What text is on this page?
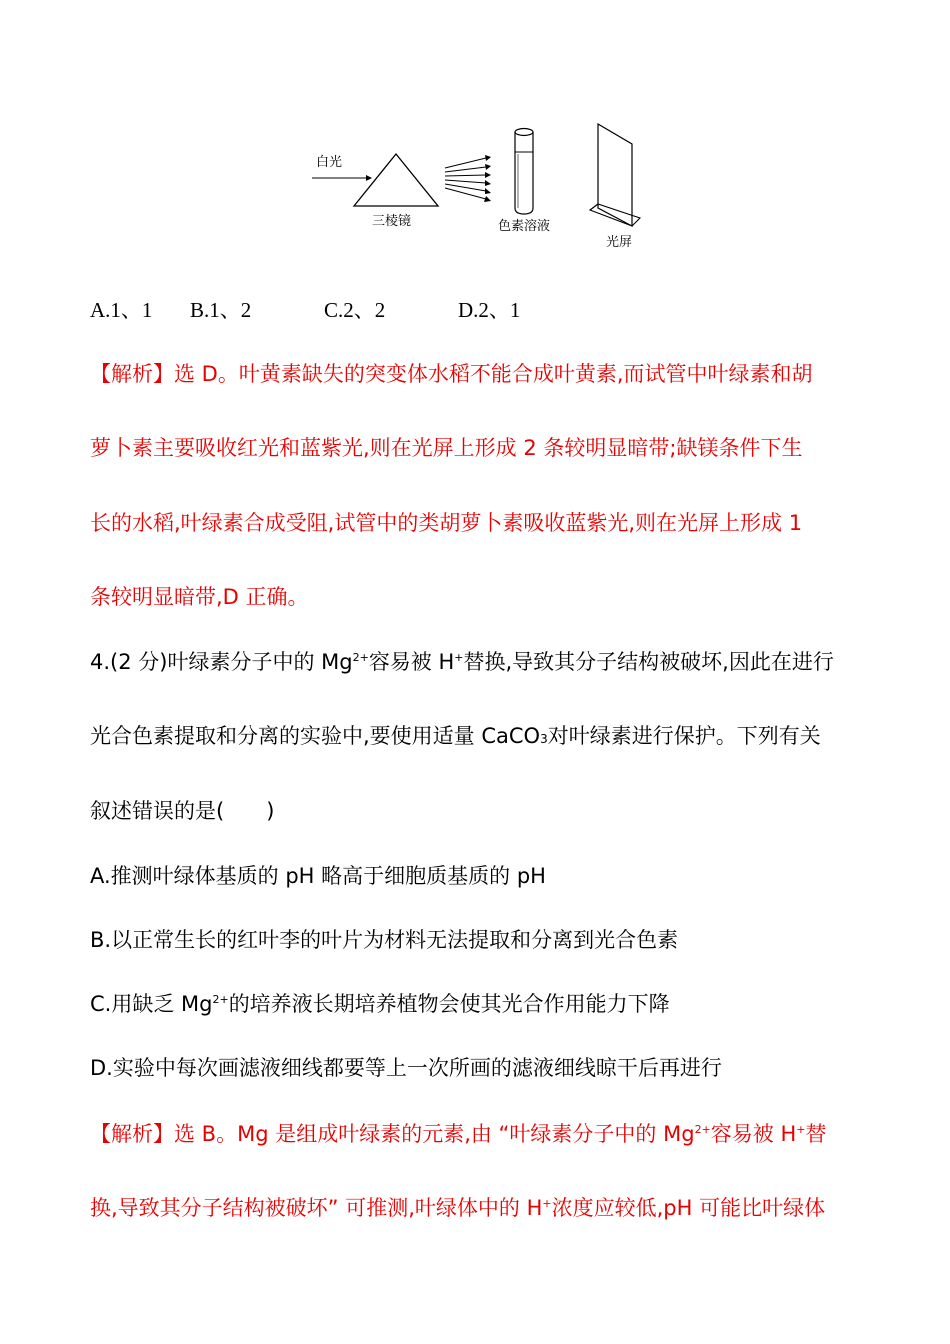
白光
三棱镜	色素溶液
光屏
A.1、1 B.1、2	C.2、2	D.2、1
【解析】选 D。叶黄素缺失的突变体水稻不能合成叶黄素,而试管中叶绿素和胡
萝卜素主要吸收红光和蓝紫光,则在光屏上形成 2 条较明显暗带;缺镁条件下生
长的水稻,叶绿素合成受阻,试管中的类胡萝卜素吸收蓝紫光,则在光屏上形成 1
条较明显暗带,D 正确。
4.(2 分)叶绿素分子中的 $Mg^{2+}$容易被 H+替换,导致其分子结构被破坏,因此在进行
光合色素提取和分离的实验中,要使用适量 CaCO$_3$对叶绿素进行保护。下列有关
叙述错误的是(　　)
A.推测叶绿体基质的 pH 略高于细胞质基质的 pH
B.以正常生长的红叶李的叶片为材料无法提取和分离到光合色素
C.用缺乏 $Mg^{2+}$的培养液长期培养植物会使其光合作用能力下降
D.实验中每次画滤液细线都要等上一次所画的滤液细线晾干后再进行
【解析】选 B。Mg 是组成叶绿素的元素,由 “叶绿素分子中的 $Mg^{2+}$容易被 H+替
换,导致其分子结构被破坏” 可推测,叶绿体中的 H+浓度应较低,pH 可能比叶绿体
